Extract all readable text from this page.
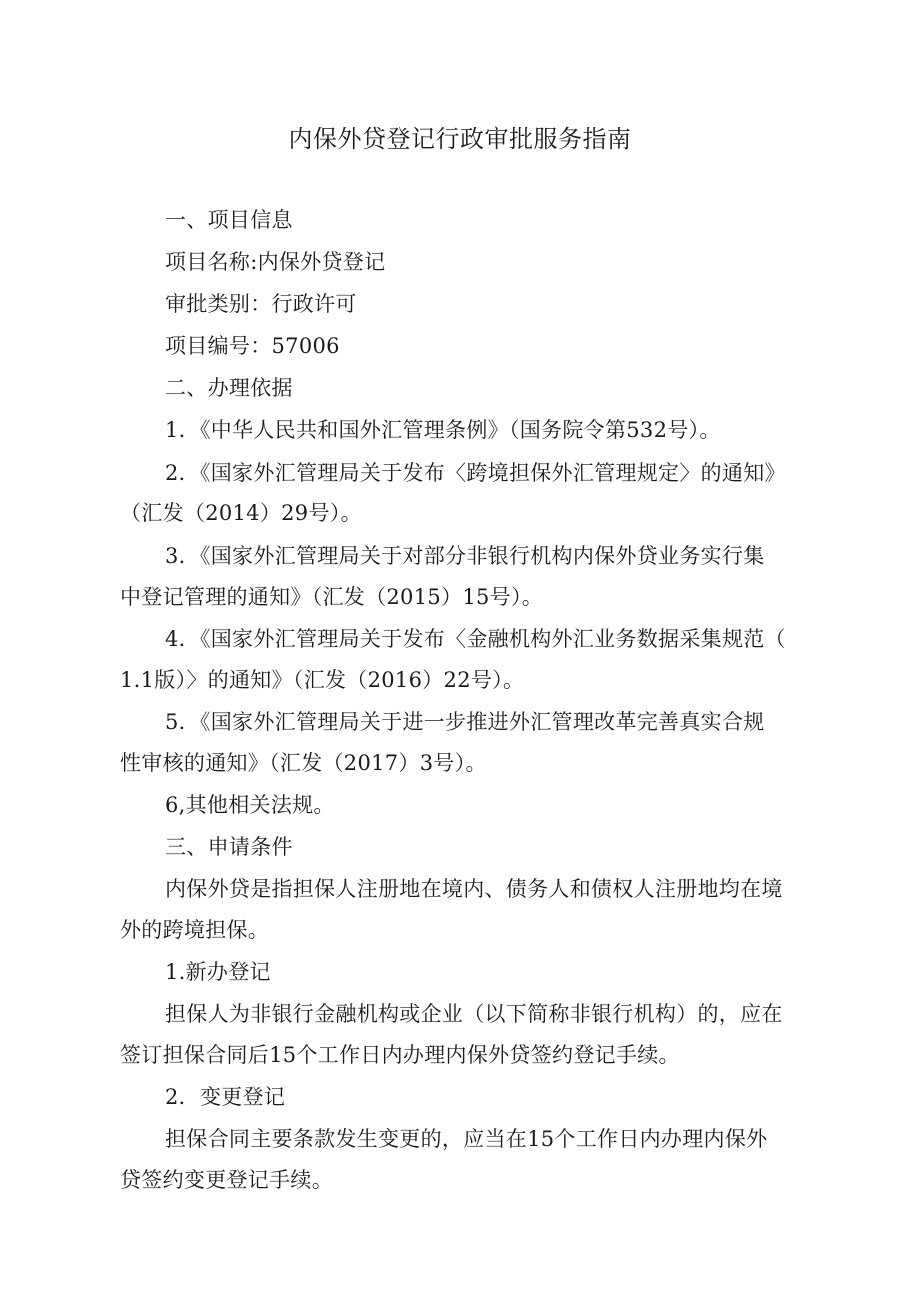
内保外贷登记行政审批服务指南
一、项目信息
项目名称:内保外贷登记
审批类别：行政许可
项目编号：57006
二、办理依据
1．《中华人民共和国外汇管理条例》（国务院令第532号）。
2．《国家外汇管理局关于发布〈跨境担保外汇管理规定〉的通知》
（汇发（2014）29号）。
3．《国家外汇管理局关于对部分非银行机构内保外贷业务实行集
中登记管理的通知》（汇发（2015）15号）。
4．《国家外汇管理局关于发布〈金融机构外汇业务数据采集规范（
1.1版）〉的通知》（汇发（2016）22号）。
5．《国家外汇管理局关于进一步推进外汇管理改革完善真实合规
性审核的通知》（汇发（2017）3号）。
6,其他相关法规。
三、申请条件
内保外贷是指担保人注册地在境内、债务人和债权人注册地均在境
外的跨境担保。
1.新办登记
担保人为非银行金融机构或企业（以下简称非银行机构）的，应在
签订担保合同后15个工作日内办理内保外贷签约登记手续。
2．变更登记
担保合同主要条款发生变更的，应当在15个工作日内办理内保外
贷签约变更登记手续。
